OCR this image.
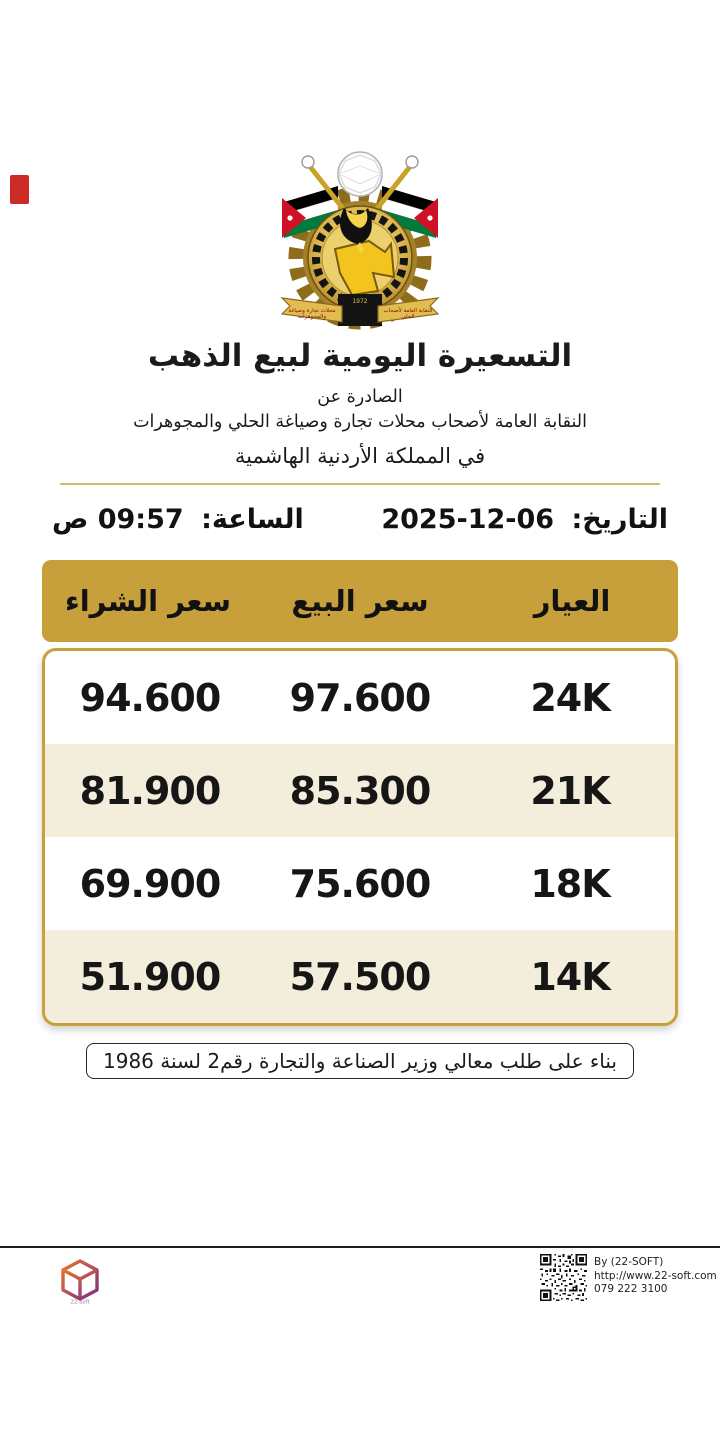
1972
محلات تجارة وصياغة
والمجوهرات
النقابة العامة لأصحاب
الحلي
التسعيرة اليومية لبيع الذهب

الصادرة عن

النقابة العامة لأصحاب محلات تجارة وصياغة الحلي والمجوهرات

في المملكة الأردنية الهاشمية

التاريخ: 06-12-2025
الساعة: 09:57 ص
العيار
سعر البيع
سعر الشراء
24K
97.600
94.600
21K
85.300
81.900
18K
75.600
69.900
14K
57.500
51.900
بناء على طلب معالي وزير الصناعة والتجارة رقم2 لسنة 1986
22-soft
By (22-SOFT)
http://www.22-soft.com
079 222 3100
